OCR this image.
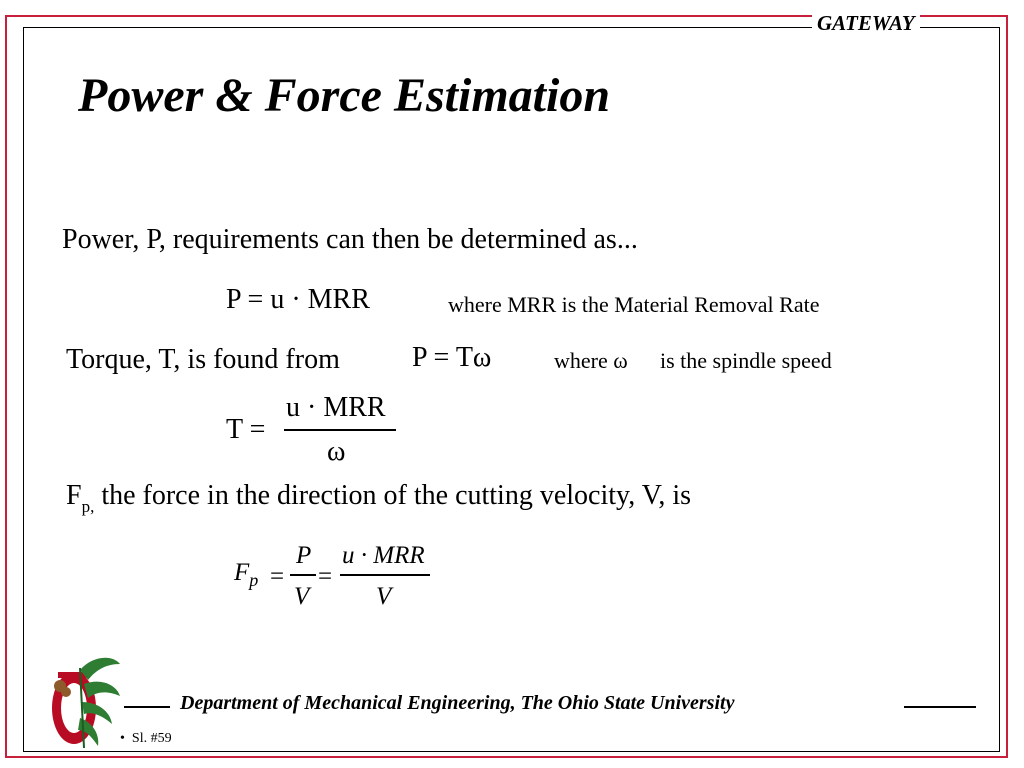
GATEWAY
Power & Force Estimation
Power, P, requirements can then be determined as...
P = u · MRR	where MRR is the Material Removal Rate
Torque, T, is found from	P = Tω	where ω is the spindle speed
T =
u · MRR
ω
$F_{p,}$ the force in the direction of the cutting velocity, V, is
$F_p$ =
P
V
=
u · MRR
V
Department of Mechanical Engineering, The Ohio State University
• Sl. #59
